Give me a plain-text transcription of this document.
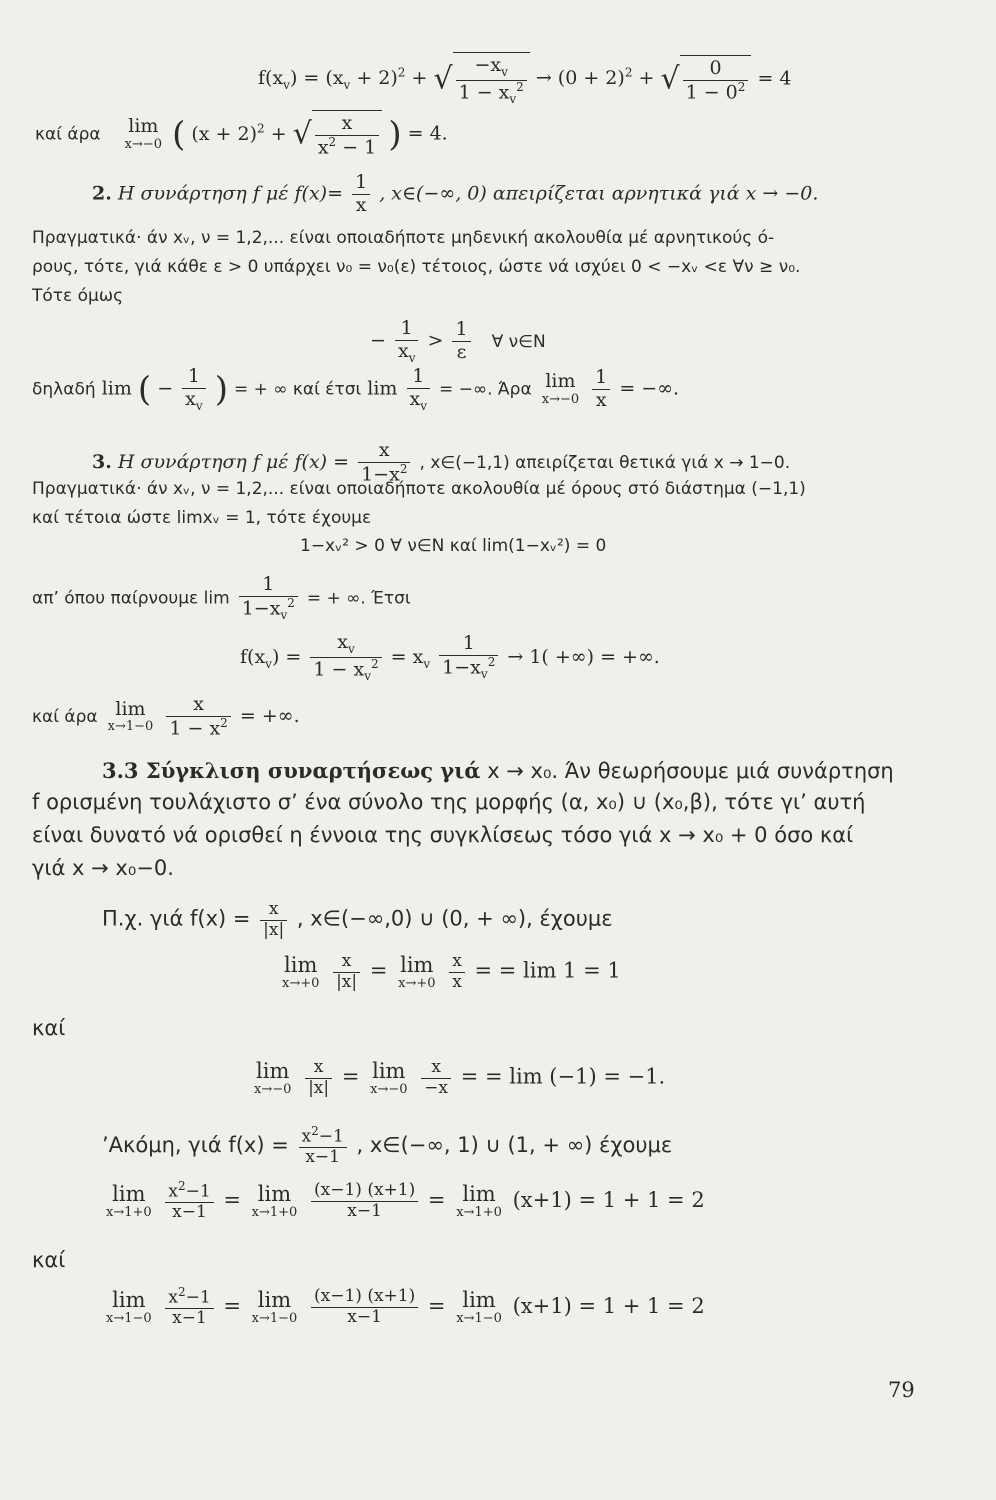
$f(x_v) = (x_v + 2)^2$ + √ $\frac{-x_v}{1 - x_v^2} \to (0 + 2)^2$ + √ $\frac{0}{1 - 0^2} = 4$
καί άρα lim
x→−0 ( $(x + 2)^2$ + √ $\frac{x}{x^2 - 1}$ ) = 4.
2. Η συνάρτηση f μέ $f(x)= \frac{1}{x}$ , x∈(−∞, 0) απειρίζεται αρνητικά γιά x → −0.
Πραγματικά· άν xᵥ, ν = 1,2,... είναι οποιαδήποτε μηδενική ακολουθία μέ αρνητικούς ό-
ρους, τότε, γιά κάθε ε > 0 υπάρχει ν₀ = ν₀(ε) τέτοιος, ώστε νά ισχύει 0 < −xᵥ <ε ∀ν ≥ ν₀.
Τότε όμως
− $\frac{1}{x_v} > \frac{1}{\varepsilon}$ ∀ ν∈N
δηλαδή lim ( − $\frac{1}{x_v}$ ) = + ∞ καί έτσι $\lim \frac{1}{x_v}$ = −∞. Άρα lim
x→−0
$\frac{1}{x}$ = −∞.
3. Η συνάρτηση f μέ $f(x) = \frac{x}{1-x^2}$ , x∈(−1,1) απειρίζεται θετικά γιά x → 1−0.
Πραγματικά· άν xᵥ, ν = 1,2,... είναι οποιαδήποτε ακολουθία μέ όρους στό διάστημα (−1,1)
καί τέτοια ώστε limxᵥ = 1, τότε έχουμε
1−xᵥ² > 0 ∀ ν∈N καί lim(1−xᵥ²) = 0
απ’ όπου παίρνουμε $\lim \frac{1}{1-x_v^2}$ = + ∞. Έτσι
$f(x_v) = \frac{x_v}{1 - x_v^2} = x_v \frac{1}{1-x_v^2} \to 1$( +∞) = +∞.
καί άρα lim
x→1−0
$\frac{x}{1 - x^2}$ = +∞.
3.3 Σύγκλιση συναρτήσεως γιά x → x₀. Άν θεωρήσουμε μιά συνάρτηση
f ορισμένη τουλάχιστο σ’ ένα σύνολο της μορφής (α, x₀) ∪ (x₀,β), τότε γι’ αυτή
είναι δυνατό νά ορισθεί η έννοια της συγκλίσεως τόσο γιά x → x₀ + 0 όσο καί
γιά x → x₀−0.
Π.χ. γιά $f(x) = \frac{x}{|x|}$ , x∈(−∞,0) ∪ (0, + ∞), έχουμε
lim
x→+0
$\frac{x}{|x|} = \lim$
x→+0
$\frac{x}{x}$ = = lim 1 = 1
καί
lim
x→−0
$\frac{x}{|x|} = \lim$
x→−0
$\frac{x}{-x}$ = = lim (−1) = −1.
’Ακόμη, γιά $f(x) = \frac{x^2-1}{x-1}$ , x∈(−∞, 1) ∪ (1, + ∞) έχουμε
lim
x→1+0
$\frac{x^2-1}{x-1} = \lim$
x→1+0
$\frac{(x-1) (x+1)}{x-1} = \lim$
x→1+0
(x+1) = 1 + 1 = 2
καί
lim
x→1−0
$\frac{x^2-1}{x-1} = \lim$
x→1−0
$\frac{(x-1) (x+1)}{x-1} = \lim$
x→1−0
(x+1) = 1 + 1 = 2
79
